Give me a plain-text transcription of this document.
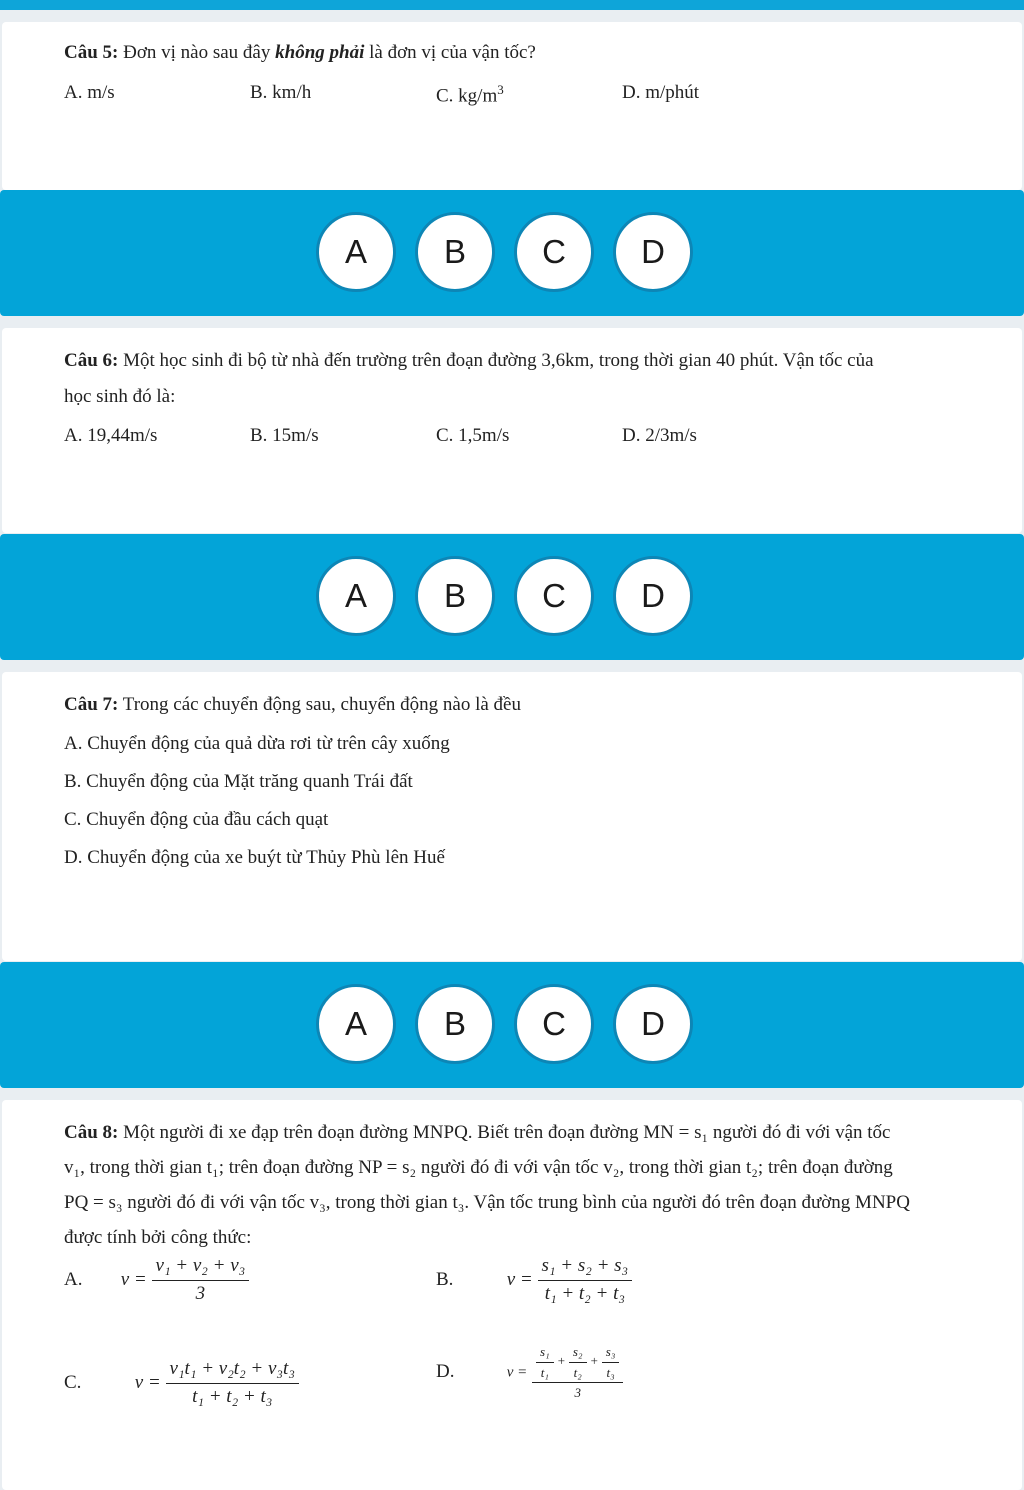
Câu 5: Đơn vị nào sau đây không phải là đơn vị của vận tốc?
A. m/s	B. km/h	C. $kg/m^3$	D. m/phút
A	B	C	D
Câu 6: Một học sinh đi bộ từ nhà đến trường trên đoạn đường 3,6km, trong thời gian 40 phút. Vận tốc của
học sinh đó là:
A. 19,44m/s	B. 15m/s	C. 1,5m/s	D. 2/3m/s
A	B	C	D
Câu 7: Trong các chuyển động sau, chuyển động nào là đều
A. Chuyển động của quả dừa rơi từ trên cây xuống
B. Chuyển động của Mặt trăng quanh Trái đất
C. Chuyển động của đầu cách quạt
D. Chuyển động của xe buýt từ Thủy Phù lên Huế
A	B	C	D
Câu 8: Một người đi xe đạp trên đoạn đường MNPQ. Biết trên đoạn đường MN = s₁ người đó đi với vận tốc
v₁, trong thời gian t₁; trên đoạn đường NP = s₂ người đó đi với vận tốc v₂, trong thời gian t₂; trên đoạn đường
PQ = s₃ người đó đi với vận tốc v₃, trong thời gian t₃. Vận tốc trung bình của người đó trên đoạn đường MNPQ
được tính bởi công thức:
A. $v = \frac{\text{v₁ + v₂ + v₃}}{3}$	B.	$v = \frac{\text{s₁ + s₂ + s₃}}{\text{t₁ + t₂ + t₃}}$
C.	$v = \frac{\text{v₁t₁ + v₂t₂ + v₃t₃}}{\text{t₁ + t₂ + t₃}}$	D.	$v = \frac{\frac{\text{s₁}}{\text{t₁}} + \frac{\text{s₂}}{\text{t₂}} + \frac{\text{s₃}}{\text{t₃}}}{3}$
